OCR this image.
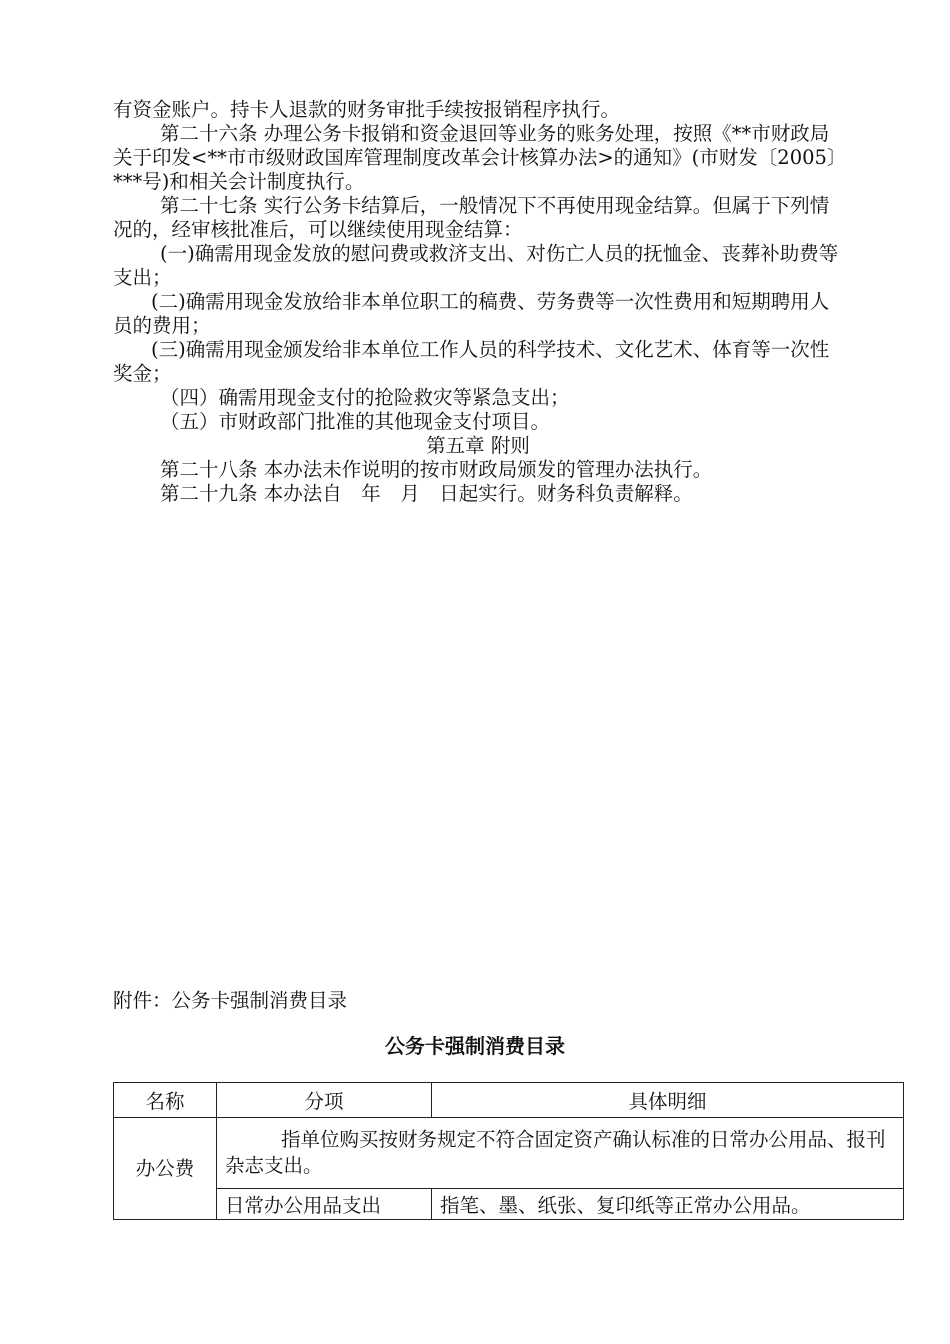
有资金账户。持卡人退款的财务审批手续按报销程序执行。

第二十六条 办理公务卡报销和资金退回等业务的账务处理，按照《**市财政局关于印发<**市市级财政国库管理制度改革会计核算办法>的通知》(市财发〔2005〕***号)和相关会计制度执行。

第二十七条 实行公务卡结算后，一般情况下不再使用现金结算。但属于下列情况的，经审核批准后，可以继续使用现金结算：

(一)确需用现金发放的慰问费或救济支出、对伤亡人员的抚恤金、丧葬补助费等支出；

(二)确需用现金发放给非本单位职工的稿费、劳务费等一次性费用和短期聘用人员的费用；

(三)确需用现金颁发给非本单位工作人员的科学技术、文化艺术、体育等一次性奖金；

（四）确需用现金支付的抢险救灾等紧急支出；

（五）市财政部门批准的其他现金支付项目。

第五章 附则

第二十八条 本办法未作说明的按市财政局颁发的管理办法执行。

第二十九条 本办法自　年　月　日起实行。财务科负责解释。

附件：公务卡强制消费目录
公务卡强制消费目录
名称	分项	具体明细
办公费	指单位购买按财务规定不符合固定资产确认标准的日常办公用品、报刊杂志支出。	
	日常办公用品支出	指笔、墨、纸张、复印纸等正常办公用品。
